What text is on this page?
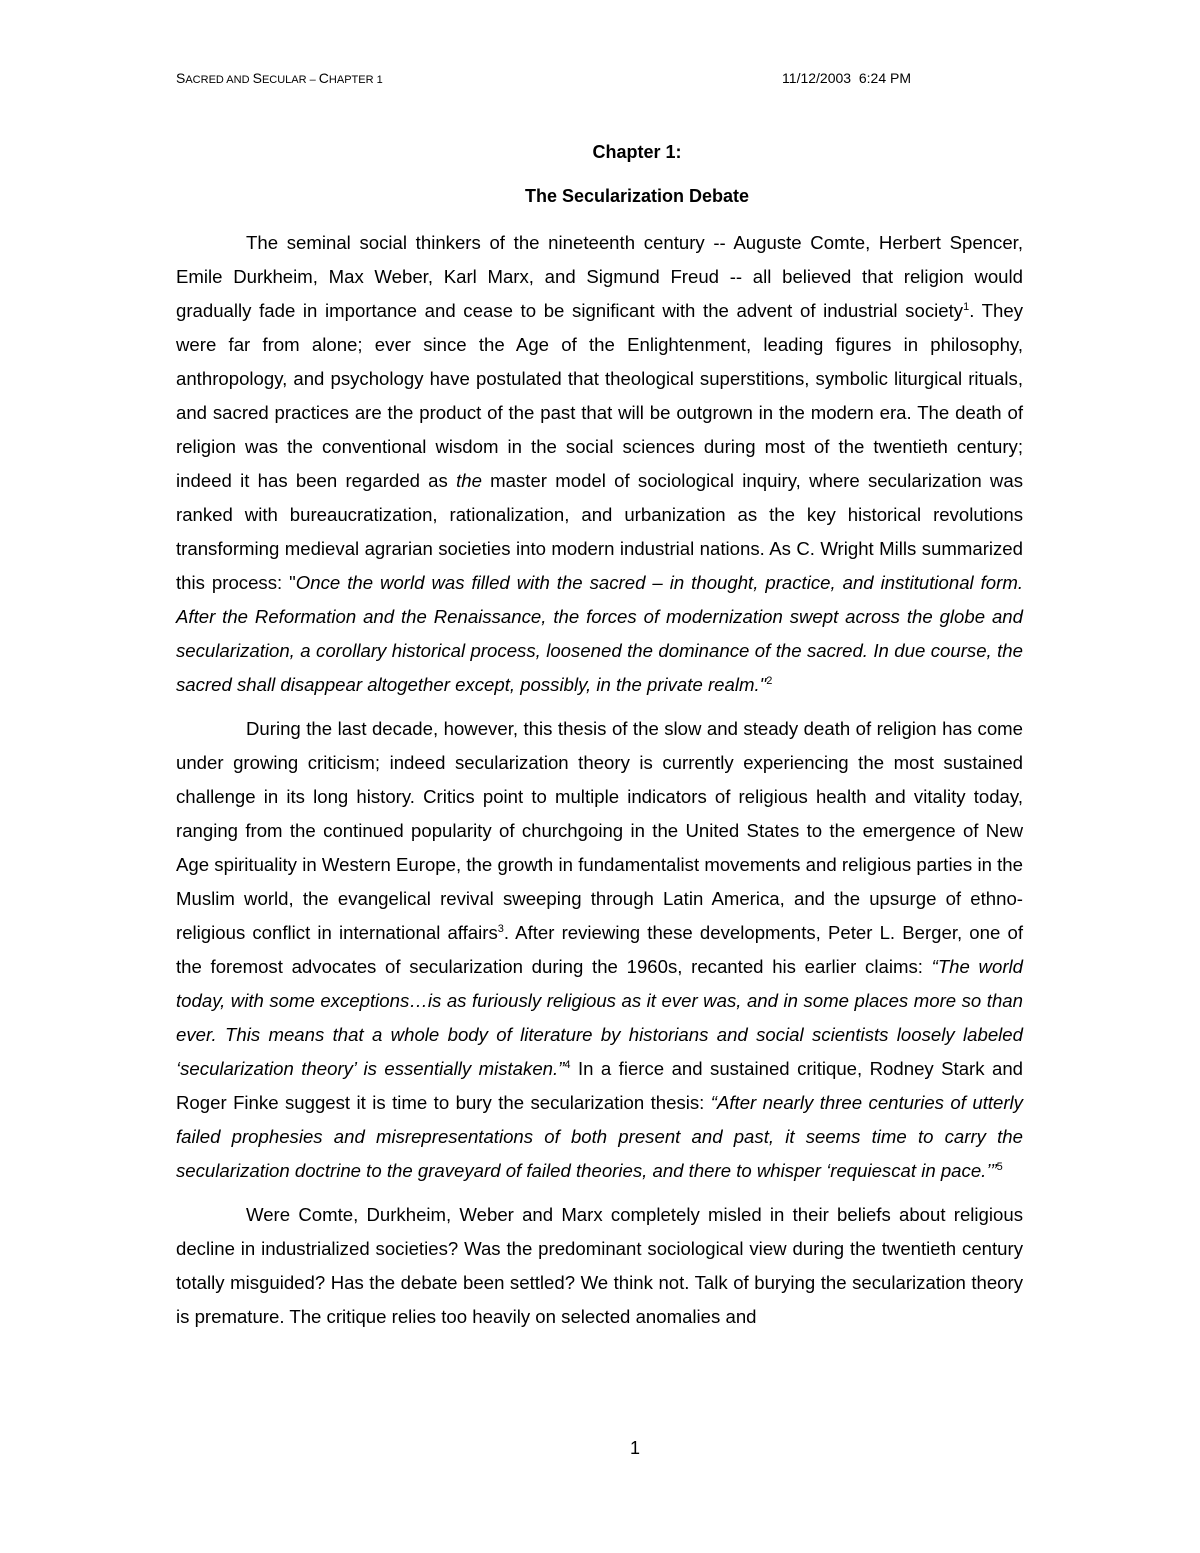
SACRED AND SECULAR – CHAPTER 1	11/12/2003  6:24 PM
Chapter 1:
The Secularization Debate

The seminal social thinkers of the nineteenth century -- Auguste Comte, Herbert Spencer, Emile Durkheim, Max Weber, Karl Marx, and Sigmund Freud -- all believed that religion would gradually fade in importance and cease to be significant with the advent of industrial society$^1$. They were far from alone; ever since the Age of the Enlightenment, leading figures in philosophy, anthropology, and psychology have postulated that theological superstitions, symbolic liturgical rituals, and sacred practices are the product of the past that will be outgrown in the modern era. The death of religion was the conventional wisdom in the social sciences during most of the twentieth century; indeed it has been regarded as the master model of sociological inquiry, where secularization was ranked with bureaucratization, rationalization, and urbanization as the key historical revolutions transforming medieval agrarian societies into modern industrial nations. As C. Wright Mills summarized this process: "Once the world was filled with the sacred – in thought, practice, and institutional form. After the Reformation and the Renaissance, the forces of modernization swept across the globe and secularization, a corollary historical process, loosened the dominance of the sacred. In due course, the sacred shall disappear altogether except, possibly, in the private realm."$^2$

During the last decade, however, this thesis of the slow and steady death of religion has come under growing criticism; indeed secularization theory is currently experiencing the most sustained challenge in its long history. Critics point to multiple indicators of religious health and vitality today, ranging from the continued popularity of churchgoing in the United States to the emergence of New Age spirituality in Western Europe, the growth in fundamentalist movements and religious parties in the Muslim world, the evangelical revival sweeping through Latin America, and the upsurge of ethno-religious conflict in international affairs$^3$. After reviewing these developments, Peter L. Berger, one of the foremost advocates of secularization during the 1960s, recanted his earlier claims: “The world today, with some exceptions…is as furiously religious as it ever was, and in some places more so than ever. This means that a whole body of literature by historians and social scientists loosely labeled ‘secularization theory’ is essentially mistaken.”$^4$ In a fierce and sustained critique, Rodney Stark and Roger Finke suggest it is time to bury the secularization thesis: “After nearly three centuries of utterly failed prophesies and misrepresentations of both present and past, it seems time to carry the secularization doctrine to the graveyard of failed theories, and there to whisper ‘requiescat in pace.’”$^5$

Were Comte, Durkheim, Weber and Marx completely misled in their beliefs about religious decline in industrialized societies? Was the predominant sociological view during the twentieth century totally misguided? Has the debate been settled? We think not. Talk of burying the secularization theory is premature. The critique relies too heavily on selected anomalies and

1
